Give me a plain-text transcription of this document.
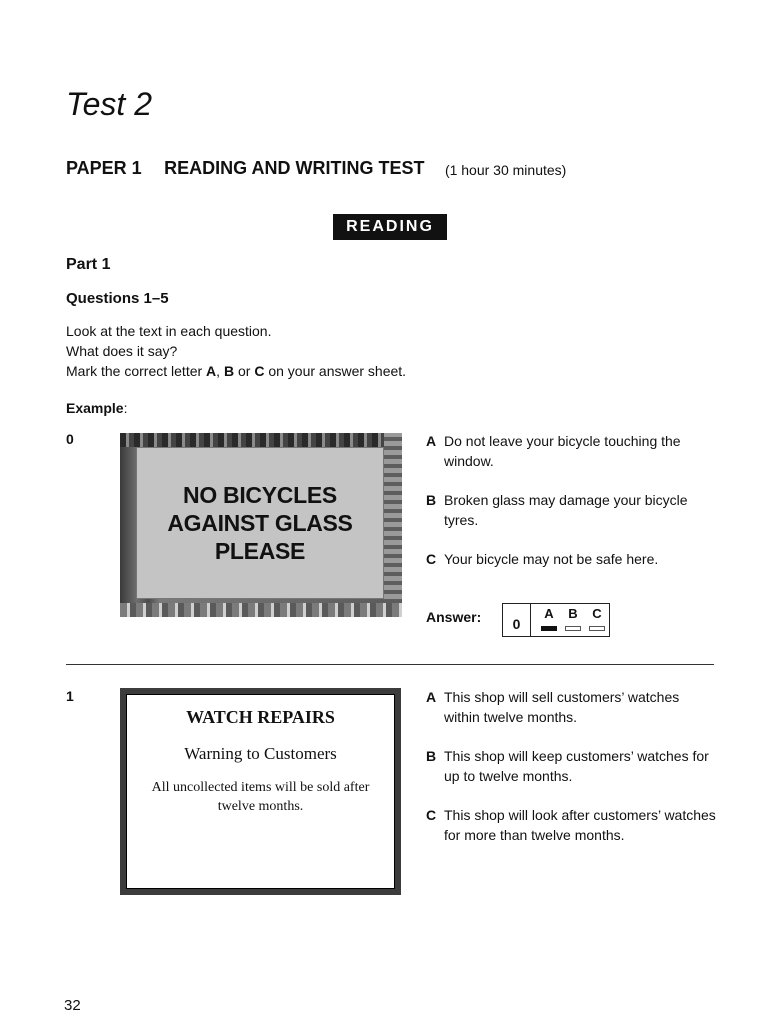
Test 2
PAPER 1 READING AND WRITING TEST (1 hour 30 minutes)
READING
Part 1
Questions 1–5
Look at the text in each question.
What does it say?
Mark the correct letter A, B or C on your answer sheet.
Example:
0
NO BICYCLES
AGAINST GLASS
PLEASE
A Do not leave your bicycle touching the window.
B Broken glass may damage your bicycle tyres.
C Your bicycle may not be safe here.
Answer:	0
A B C
1
WATCH REPAIRS
Warning to Customers
All uncollected items will be sold after twelve months.
A This shop will sell customers’ watches within twelve months.
B This shop will keep customers’ watches for up to twelve months.
C This shop will look after customers’ watches for more than twelve months.
32
